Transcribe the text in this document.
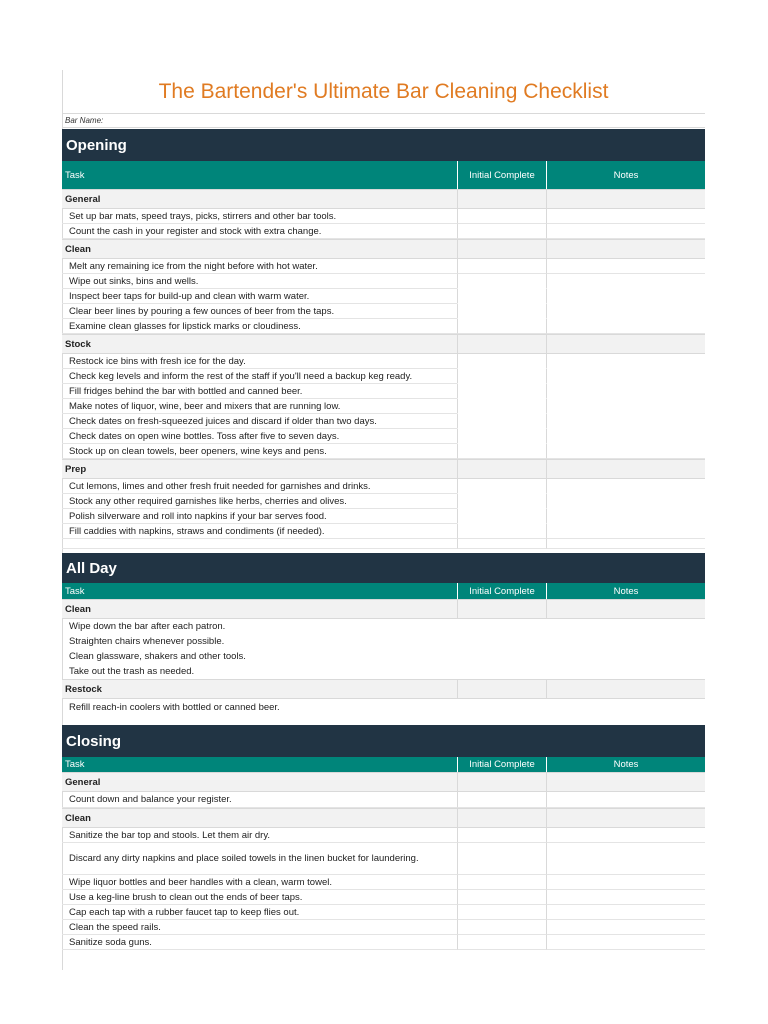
The Bartender's Ultimate Bar Cleaning Checklist
Bar Name:
Opening
Task	Initial Complete	Notes
General
Set up bar mats, speed trays, picks, stirrers and other bar tools.
Count the cash in your register and stock with extra change.
Clean
Melt any remaining ice from the night before with hot water.
Wipe out sinks, bins and wells.
Inspect beer taps for build-up and clean with warm water.
Clear beer lines by pouring a few ounces of beer from the taps.
Examine clean glasses for lipstick marks or cloudiness.
Stock
Restock ice bins with fresh ice for the day.
Check keg levels and inform the rest of the staff if you'll need a backup keg ready.
Fill fridges behind the bar with bottled and canned beer.
Make notes of liquor, wine, beer and mixers that are running low.
Check dates on fresh-squeezed juices and discard if older than two days.
Check dates on open wine bottles. Toss after five to seven days.
Stock up on clean towels, beer openers, wine keys and pens.
Prep
Cut lemons, limes and other fresh fruit needed for garnishes and drinks.
Stock any other required garnishes like herbs, cherries and olives.
Polish silverware and roll into napkins if your bar serves food.
Fill caddies with napkins, straws and condiments (if needed).
All Day
Task	Initial Complete	Notes
Clean
Wipe down the bar after each patron.
Straighten chairs whenever possible.
Clean glassware, shakers and other tools.
Take out the trash as needed.
Restock
Refill reach-in coolers with bottled or canned beer.
Closing
Task	Initial Complete	Notes
General
Count down and balance your register.
Clean
Sanitize the bar top and stools. Let them air dry.
Discard any dirty napkins and place soiled towels in the linen bucket for laundering.
Wipe liquor bottles and beer handles with a clean, warm towel.
Use a keg-line brush to clean out the ends of beer taps.
Cap each tap with a rubber faucet tap to keep flies out.
Clean the speed rails.
Sanitize soda guns.
